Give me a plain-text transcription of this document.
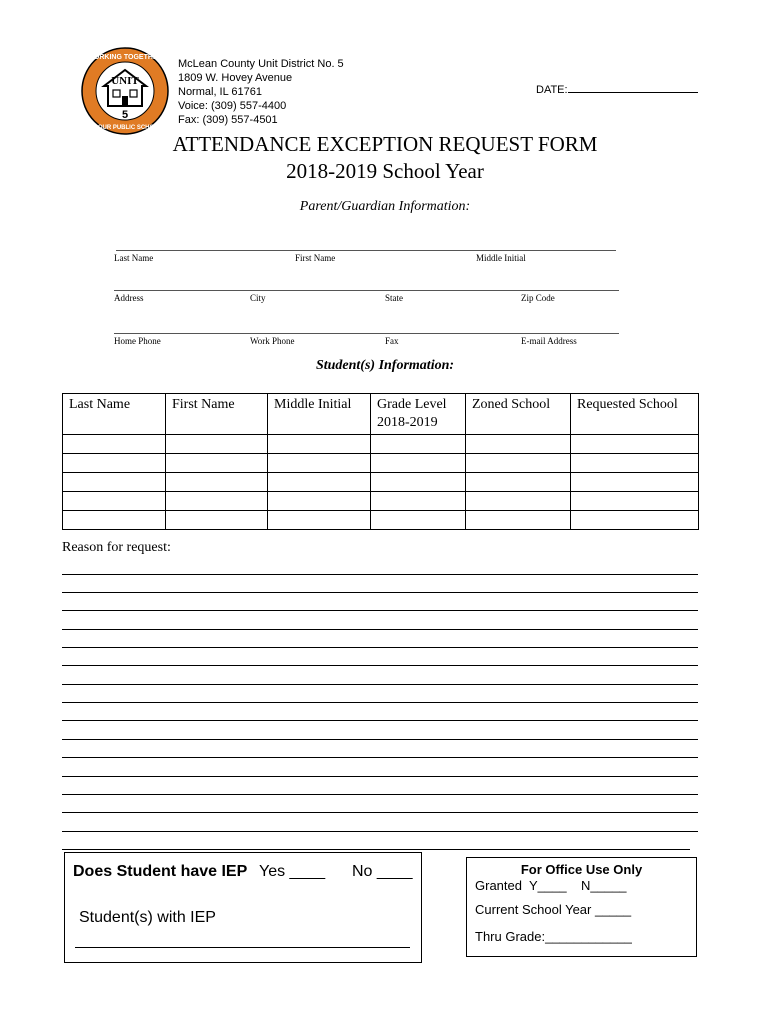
UNIT
5
WORKING TOGETHER
FOR OUR PUBLIC SCHOOLS
McLean County Unit District No. 5
1809 W. Hovey Avenue
Normal, IL 61761
Voice: (309) 557-4400
Fax: (309) 557-4501
DATE:
ATTENDANCE EXCEPTION REQUEST FORM
2018-2019 School Year
Parent/Guardian Information:
Last Name	First Name	Middle Initial
Address	City	State	Zip Code
Home Phone	Work Phone	Fax	E-mail Address
Student(s) Information:
Last Name	First Name	Middle Initial	Grade Level 2018-2019	Zoned School	Requested School

Reason for request:
Does Student have IEP Yes ____ No ____
Student(s) with IEP
For Office Use Only
Granted  Y____    N_____
Current School Year _____
Thru Grade:____________
